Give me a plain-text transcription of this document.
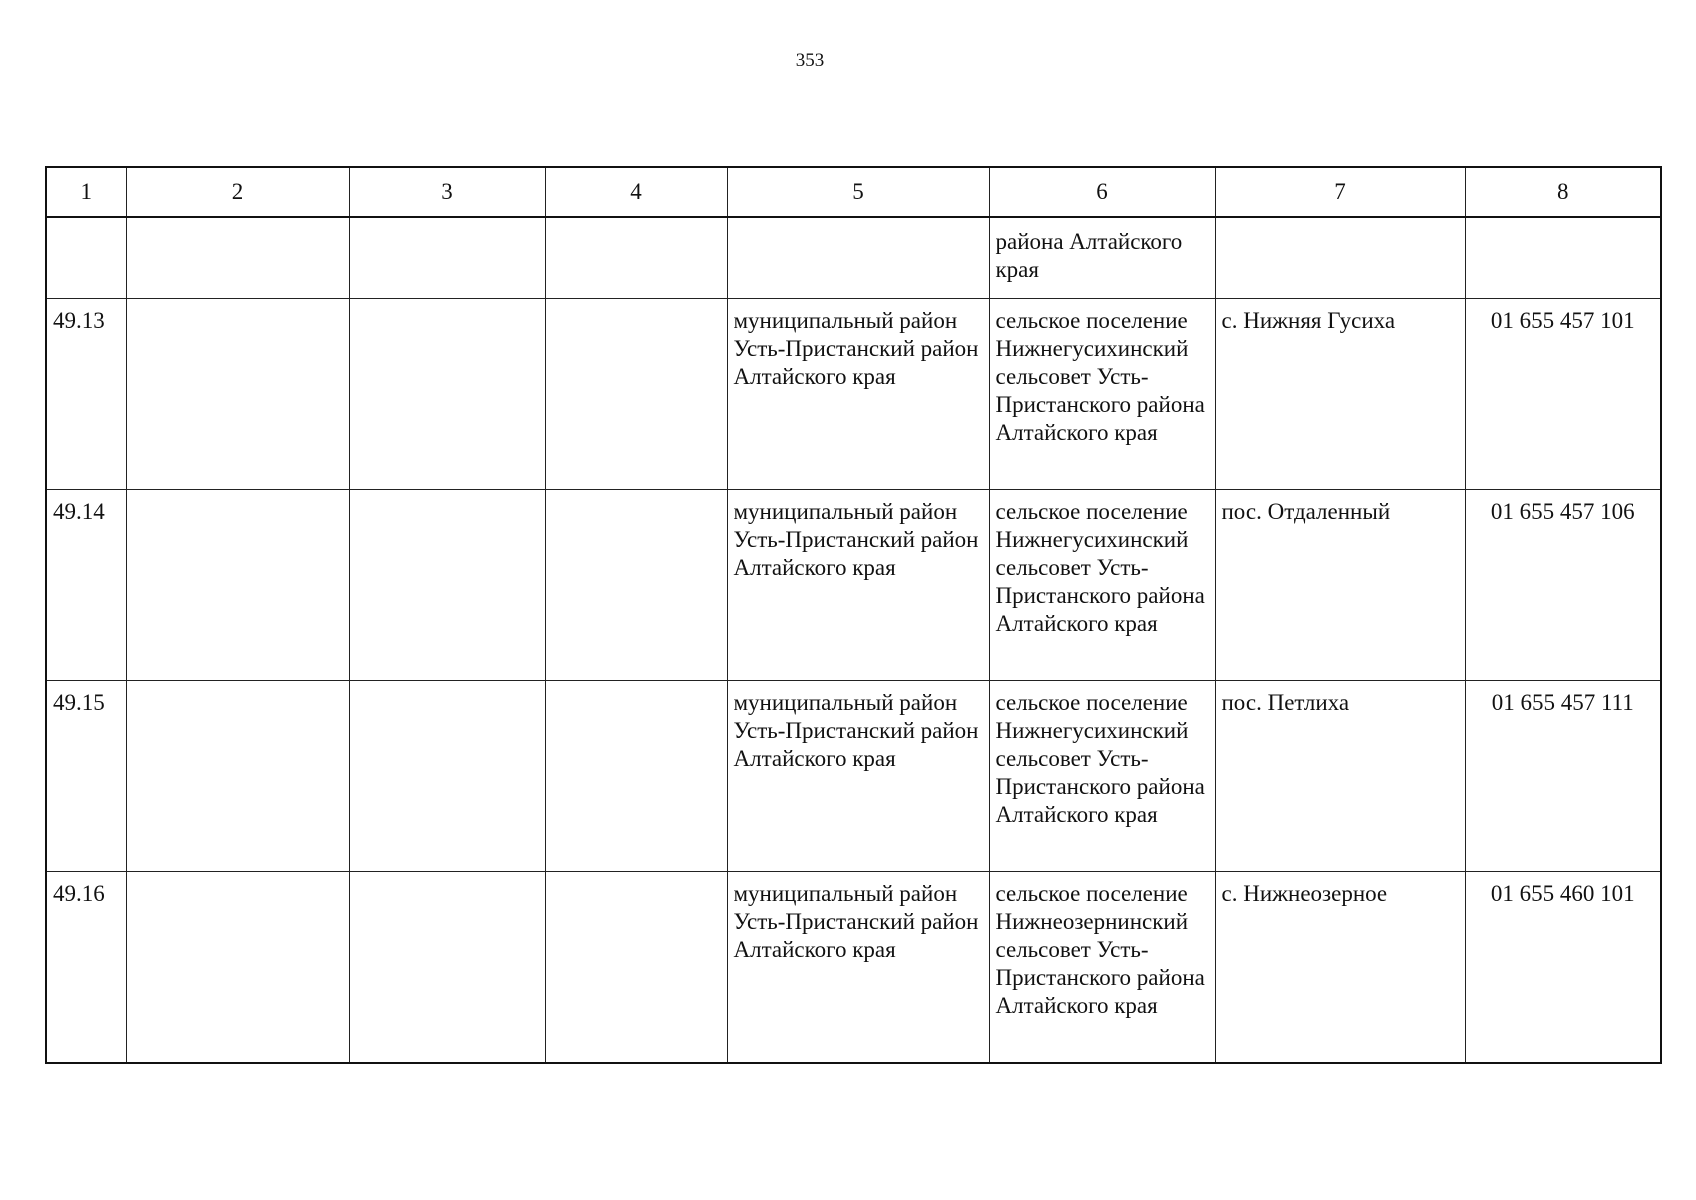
353
1	2	3	4	5	6	7	8
					района Алтайского края		
49.13				муниципальный район Усть-Пристанский район Алтайского края	сельское поселение Нижнегусихинский сельсовет Усть-Пристанского района Алтайского края	с. Нижняя Гусиха	01 655 457 101
49.14				муниципальный район Усть-Пристанский район Алтайского края	сельское поселение Нижнегусихинский сельсовет Усть-Пристанского района Алтайского края	пос. Отдаленный	01 655 457 106
49.15				муниципальный район Усть-Пристанский район Алтайского края	сельское поселение Нижнегусихинский сельсовет Усть-Пристанского района Алтайского края	пос. Петлиха	01 655 457 111
49.16				муниципальный район Усть-Пристанский район Алтайского края	сельское поселение Нижнеозернинский сельсовет Усть-Пристанского района Алтайского края	с. Нижнеозерное	01 655 460 101
